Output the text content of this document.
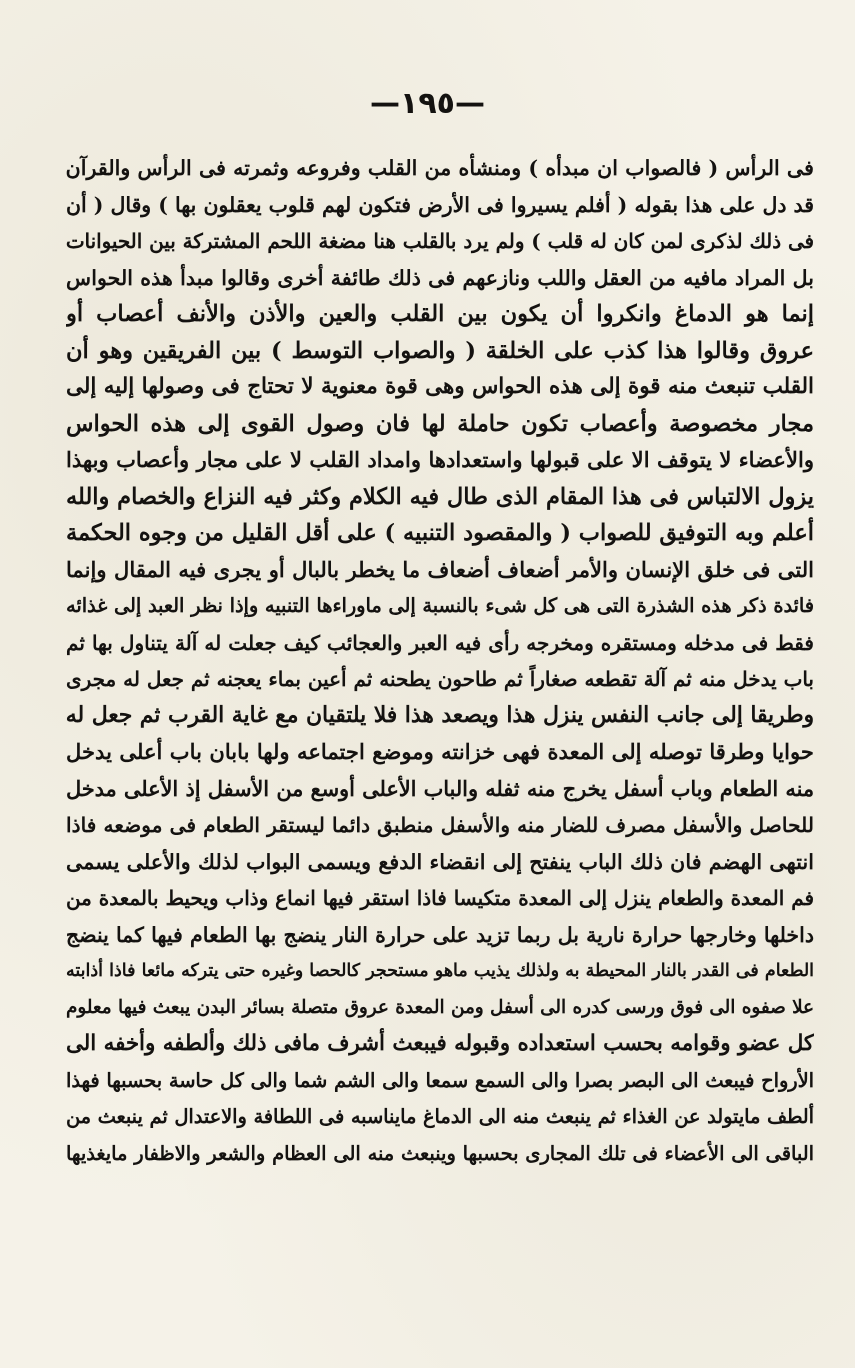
—١٩٥—
فى الرأس ( فالصواب ان مبدأه ) ومنشأه من القلب وفروعه وثمرته فى الرأس والقرآن
قد دل على هذا بقوله ( أفلم يسيروا فى الأرض فتكون لهم قلوب يعقلون بها ) وقال ( أن
فى ذلك لذكرى لمن كان له قلب ) ولم يرد بالقلب هنا مضغة اللحم المشتركة بين الحيوانات
بل المراد مافيه من العقل واللب ونازعهم فى ذلك طائفة أخرى وقالوا مبدأ هذه الحواس
إنما هو الدماغ وانكروا أن يكون بين القلب والعين والأذن والأنف أعصاب أو
عروق وقالوا هذا كذب على الخلقة ( والصواب التوسط ) بين الفريقين وهو أن
القلب تنبعث منه قوة إلى هذه الحواس وهى قوة معنوية لا تحتاج فى وصولها إليه إلى
مجار مخصوصة وأعصاب تكون حاملة لها فان وصول القوى إلى هذه الحواس
والأعضاء لا يتوقف الا على قبولها واستعدادها وامداد القلب لا على مجار وأعصاب وبهذا
يزول الالتباس فى هذا المقام الذى طال فيه الكلام وكثر فيه النزاع والخصام والله
أعلم وبه التوفيق للصواب ( والمقصود التنبيه ) على أقل القليل من وجوه الحكمة
التى فى خلق الإنسان والأمر أضعاف أضعاف ما يخطر بالبال أو يجرى فيه المقال وإنما
فائدة ذكر هذه الشذرة التى هى كل شىء بالنسبة إلى ماوراءها التنبيه وإذا نظر العبد إلى غذائه
فقط فى مدخله ومستقره ومخرجه رأى فيه العبر والعجائب كيف جعلت له آلة يتناول بها ثم
باب يدخل منه ثم آلة تقطعه صغاراً ثم طاحون يطحنه ثم أعين بماء يعجنه ثم جعل له مجرى
وطريقا إلى جانب النفس ينزل هذا ويصعد هذا فلا يلتقيان مع غاية القرب ثم جعل له
حوايا وطرقا توصله إلى المعدة فهى خزانته وموضع اجتماعه ولها بابان باب أعلى يدخل
منه الطعام وباب أسفل يخرج منه ثفله والباب الأعلى أوسع من الأسفل إذ الأعلى مدخل
للحاصل والأسفل مصرف للضار منه والأسفل منطبق دائما ليستقر الطعام فى موضعه فاذا
انتهى الهضم فان ذلك الباب ينفتح إلى انقضاء الدفع ويسمى البواب لذلك والأعلى يسمى
فم المعدة والطعام ينزل إلى المعدة متكيسا فاذا استقر فيها انماع وذاب ويحيط بالمعدة من
داخلها وخارجها حرارة نارية بل ربما تزيد على حرارة النار ينضج بها الطعام فيها كما ينضج
الطعام فى القدر بالنار المحيطة به ولذلك يذيب ماهو مستحجر كالحصا وغيره حتى يتركه مائعا فاذا أذابته
علا صفوه الى فوق ورسى كدره الى أسفل ومن المعدة عروق متصلة بسائر البدن يبعث فيها معلوم
كل عضو وقوامه بحسب استعداده وقبوله فيبعث أشرف مافى ذلك وألطفه وأخفه الى
الأرواح فيبعث الى البصر بصرا والى السمع سمعا والى الشم شما والى كل حاسة بحسبها فهذا
ألطف مايتولد عن الغذاء ثم ينبعث منه الى الدماغ مايناسبه فى اللطافة والاعتدال ثم ينبعث من
الباقى الى الأعضاء فى تلك المجارى بحسبها وينبعث منه الى العظام والشعر والاظفار مايغذيها
